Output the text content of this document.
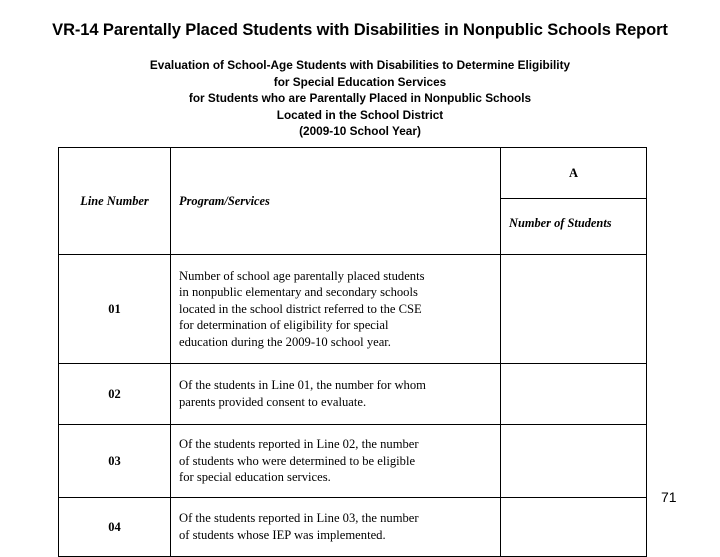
VR-14 Parentally Placed Students with Disabilities in Nonpublic Schools Report
Evaluation of School-Age Students with Disabilities to Determine Eligibility
for Special Education Services
for Students who are Parentally Placed in Nonpublic Schools
Located in the School District
(2009-10 School Year)
Line Number	Program/Services	A
		Number of Students
01	Number of school age parentally placed students
in nonpublic elementary and secondary schools
located in the school district referred to the CSE
for determination of eligibility for special
education during the 2009-10 school year.	

02	Of the students in Line 01, the number for whom
parents provided consent to evaluate.	

03	Of the students reported in Line 02, the number
of students who were determined to be eligible
for special education services.	

04	Of the students reported in Line 03, the number
of students whose IEP was implemented.	

71
